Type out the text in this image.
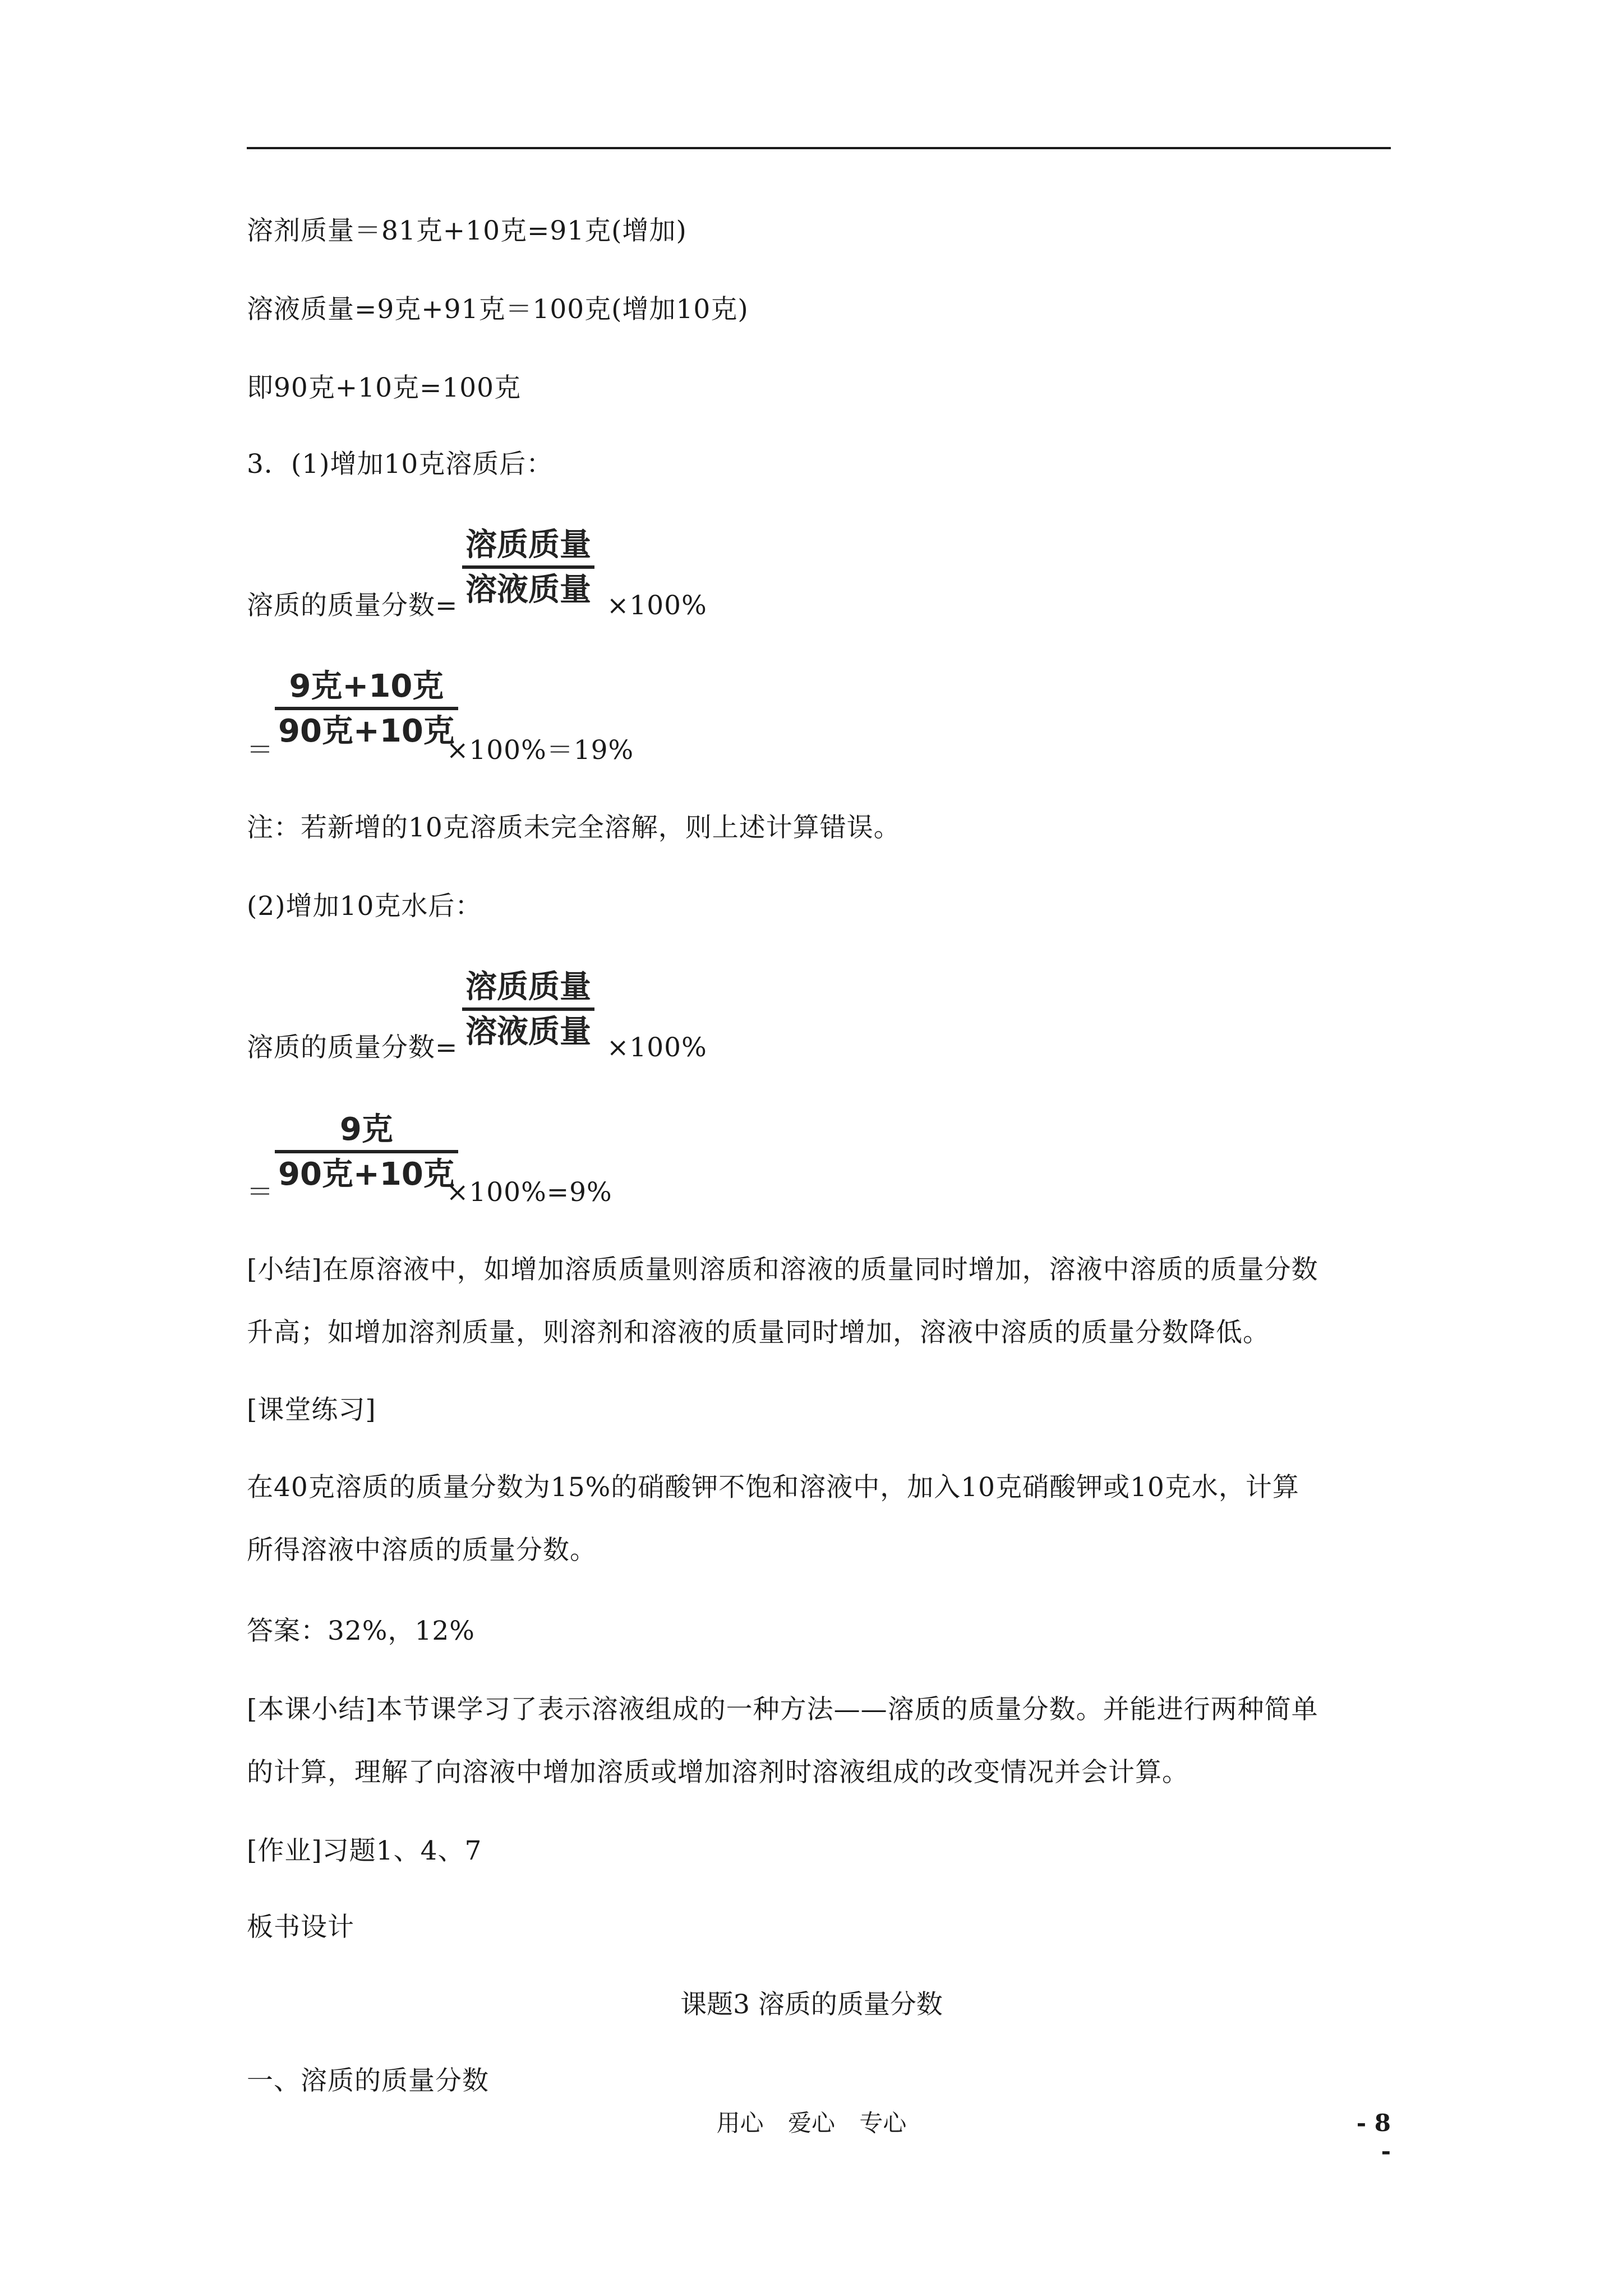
溶剂质量＝81克+10克=91克(增加)
溶液质量=9克+91克＝100克(增加10克)
即90克+10克=100克
3．(1)增加10克溶质后：
溶质的质量分数=
溶质质量
溶液质量 ×100%
＝
9克+10克
90克+10克
×100%＝19%
注：若新增的10克溶质未完全溶解，则上述计算错误。
(2)增加10克水后：
溶质的质量分数=
溶质质量
溶液质量 ×100%
＝
9克
90克+10克
×100%=9%
[小结]在原溶液中，如增加溶质质量则溶质和溶液的质量同时增加，溶液中溶质的质量分数
升高；如增加溶剂质量，则溶剂和溶液的质量同时增加，溶液中溶质的质量分数降低。
[课堂练习]
在40克溶质的质量分数为15%的硝酸钾不饱和溶液中，加入10克硝酸钾或10克水，计算
所得溶液中溶质的质量分数。
答案：32%，12%
[本课小结]本节课学习了表示溶液组成的一种方法——溶质的质量分数。并能进行两种简单
的计算，理解了向溶液中增加溶质或增加溶剂时溶液组成的改变情况并会计算。
[作业]习题1、4、7
板书设计
课题3 溶质的质量分数
一、溶质的质量分数
用心 爱心 专心	- 8 -
